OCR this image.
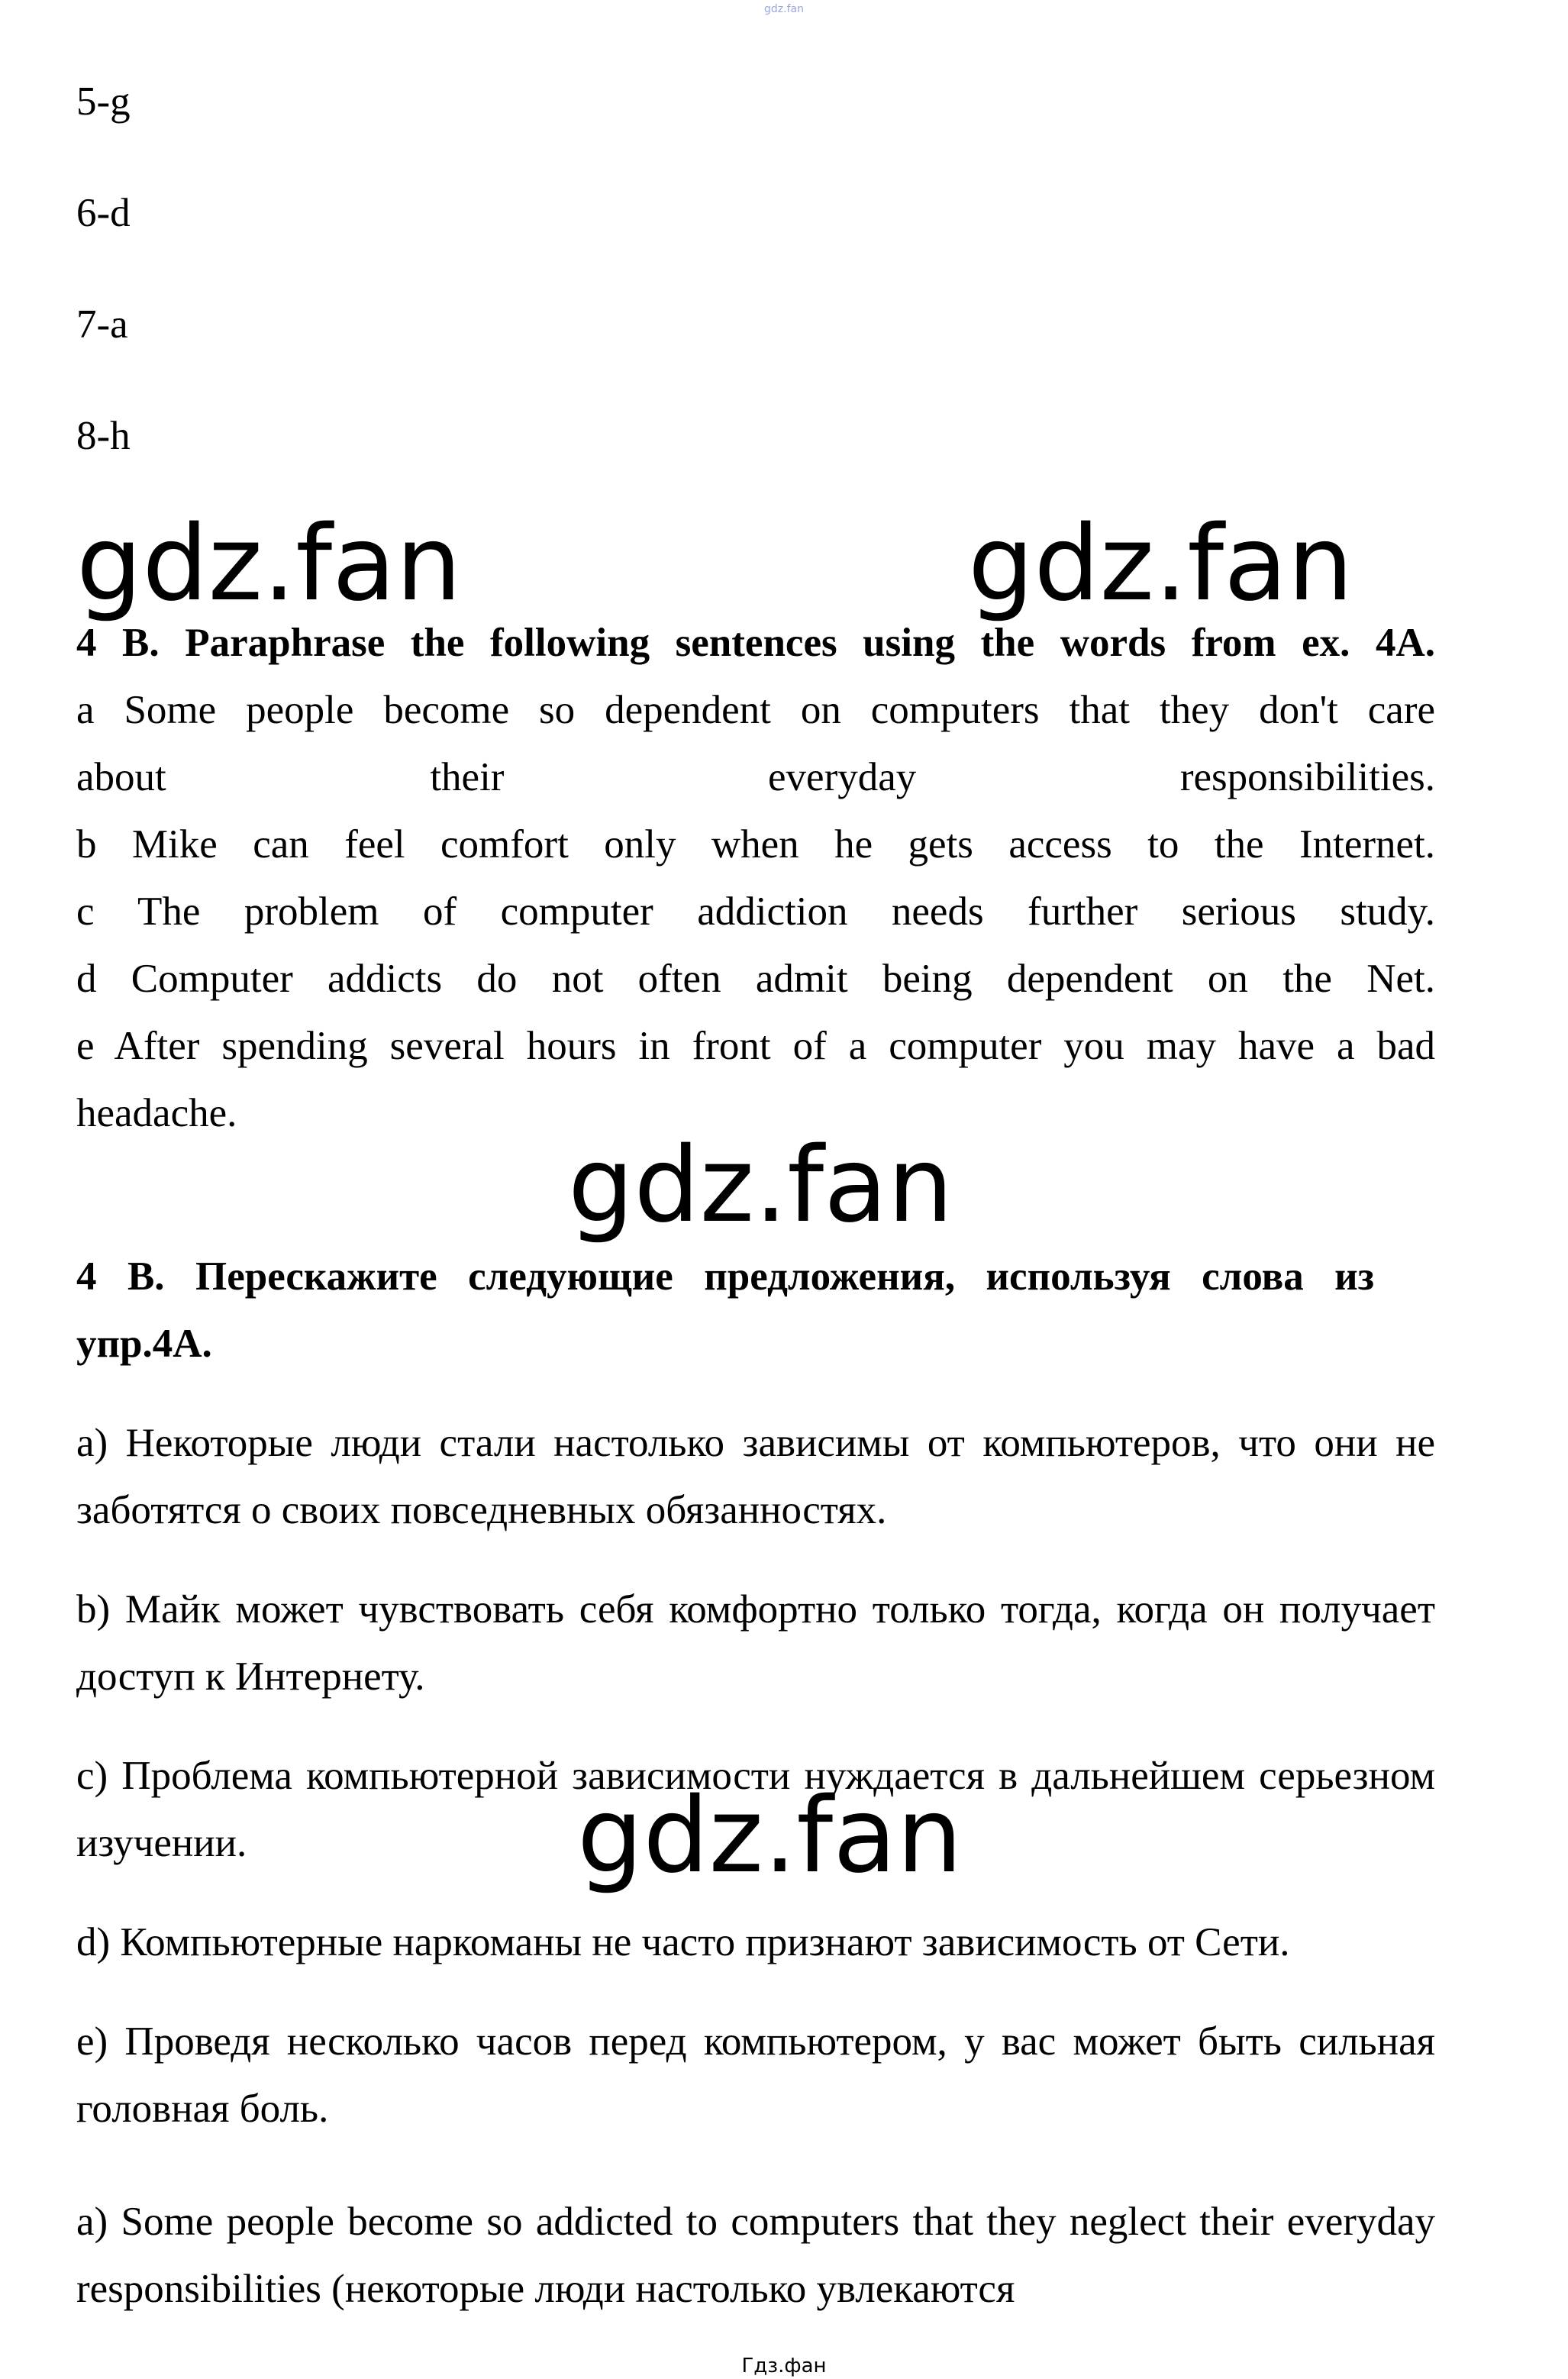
gdz.fan
5-g
6-d
7-a
8-h
gdz.fan	gdz.fan
4 B. Paraphrase the following sentences using the words from ex. 4A.
a Some people become so dependent on computers that they don't care
about their everyday responsibilities.
b Mike can feel comfort only when he gets access to the Internet.
c The problem of computer addiction needs further serious study.
d Computer addicts do not often admit being dependent on the Net.
e After spending several hours in front of a computer you may have a bad
headache.
gdz.fan
4 B. Перескажите следующие предложения, используя слова из упр.4A.
a) Некоторые люди стали настолько зависимы от компьютеров, что они не заботятся о своих повседневных обязанностях.
b) Майк может чувствовать себя комфортно только тогда, когда он получает доступ к Интернету.
c) Проблема компьютерной зависимости нуждается в дальнейшем серьезном изучении.
d) Компьютерные наркоманы не часто признают зависимость от Сети.
e) Проведя несколько часов перед компьютером, у вас может быть сильная головная боль.
a) Some people become so addicted to computers that they neglect their everyday responsibilities (некоторые люди настолько увлекаются
gdz.fan
Гдз.фан
